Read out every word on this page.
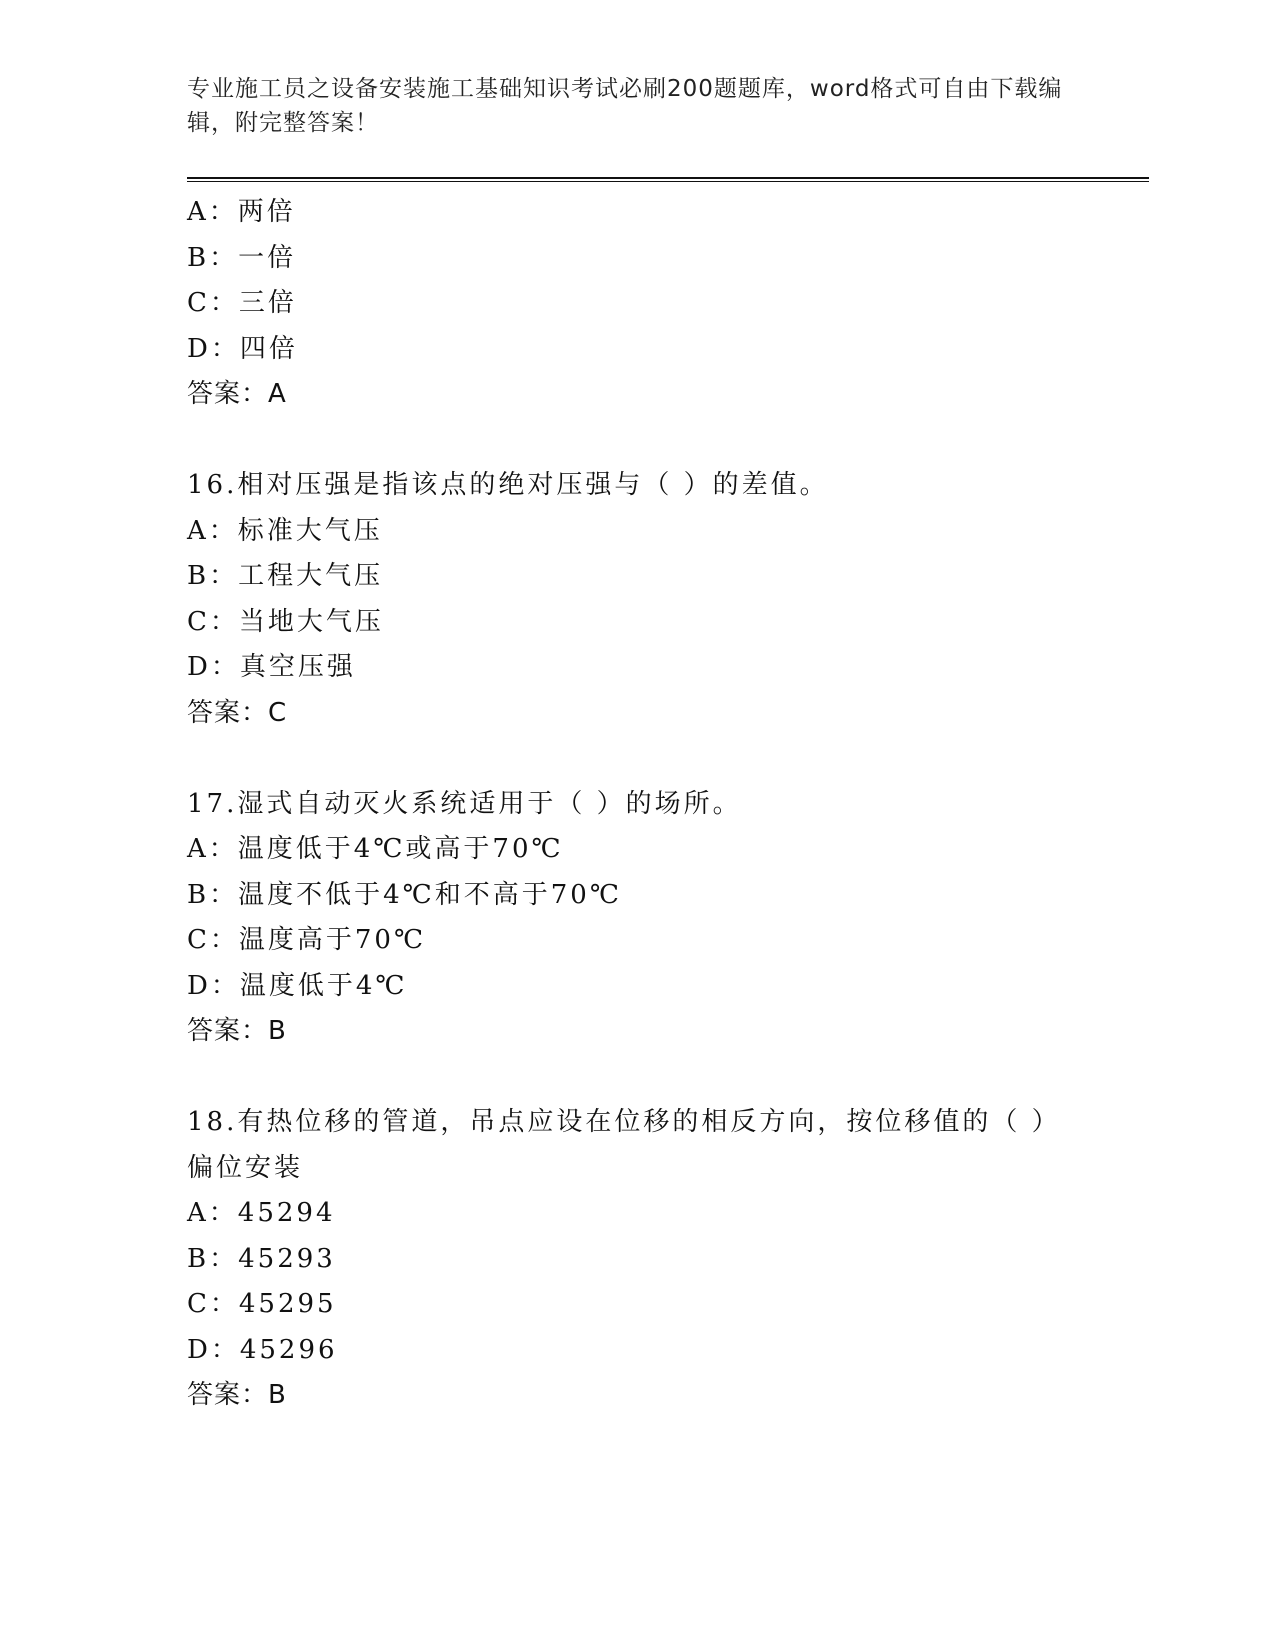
专业施工员之设备安装施工基础知识考试必刷200题题库，word格式可自由下载编辑，附完整答案！
A：两倍
B：一倍
C：三倍
D：四倍
答案：A
16.相对压强是指该点的绝对压强与（ ）的差值。
A：标准大气压
B：工程大气压
C：当地大气压
D：真空压强
答案：C
17.湿式自动灭火系统适用于（ ）的场所。
A：温度低于4℃或高于70℃
B：温度不低于4℃和不高于70℃
C：温度高于70℃
D：温度低于4℃
答案：B
18.有热位移的管道，吊点应设在位移的相反方向，按位移值的（ ）偏位安装
A：45294
B：45293
C：45295
D：45296
答案：B
